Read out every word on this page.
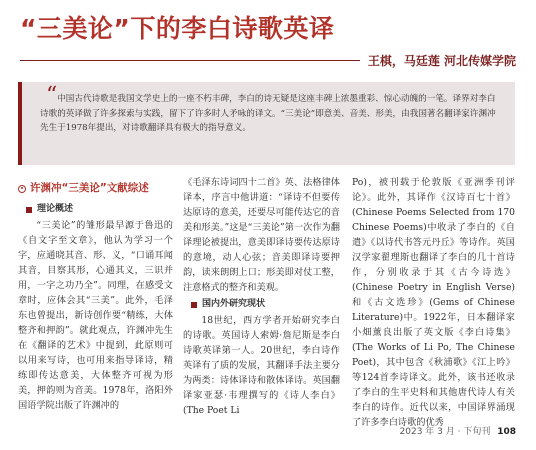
“三美论”下的李白诗歌英译
王棋，马廷莲 河北传媒学院
“ 中国古代诗歌是我国文学史上的一座不朽丰碑，李白的诗无疑是这座丰碑上浓墨重彩、惊心动魄的一笔。译界对李白诗歌的英译做了许多探索与实践，留下了许多时人矛咏的译文。“三美论”即意美、音美、形美，由我国著名翻译家许渊冲先生于1978年提出，对诗歌翻译具有极大的指导意义。

许渊冲“三美论”文献综述
理论概述

“三美论”的雏形最早源于鲁迅的《自文字至文章》，他认为学习一个字，应通晓其音、形、义，“口诵耳闻其音，目察其形，心通其义，三识并用，一字之功乃全”。同理，在感受文章时，应体会其“三美”。此外，毛泽东也曾提出，新诗创作要“精练，大体整齐和押韵”。就此观点，许渊冲先生在《翻译的艺术》中提到，此原则可以用来写诗，也可用来指导译诗，精练即传达意美，大体整齐可视为形美，押韵则为音美。1978年，洛阳外国语学院出版了许渊冲的

《毛泽东诗词四十二首》英、法格律体译本，序言中他讲道：“译诗不但要传达原诗的意美，还要尽可能传达它的音美和形美。”这是“三美论”第一次作为翻译理论被提出，意美即译诗要传达原诗的意境，动人心弦；音美即译诗要押韵，读来朗朗上口；形美即对仗工整，注意格式的整齐和美观。

国内外研究现状

18世纪，西方学者开始研究李白的诗歌。英国诗人索姆·詹尼斯是李白诗歌英译第一人。20世纪，李白诗作英译有了质的发展，其翻译手法主要分为两类：诗体译诗和散体译诗。英国翻译家亚瑟·韦理撰写的《诗人李白》(The Poet Li

Po)，被刊载于伦敦版《亚洲季刊评论》。此外，其译作《汉诗百七十首》(Chinese Poems Selected from 170 Chinese Poems)中收录了李白的《自遣》《以诗代书答元丹丘》等诗作。英国汉学家翟理斯也翻译了李白的几十首诗作，分别收录于其《古今诗选》(Chinese Poetry in English Verse)和《古文选珍》(Gems of Chinese Literature)中。1922年，日本翻译家小畑薰良出版了英文版《李白诗集》(The Works of Li Po, The Chinese Poet)，其中包含《秋浦歌》《江上吟》等124首李诗译文。此外，该书还收录了李白的生平史料和其他唐代诗人有关李白的诗作。近代以来，中国译界涌现了许多李白诗歌的优秀

2023 年 3 月 · 下旬刊 108
